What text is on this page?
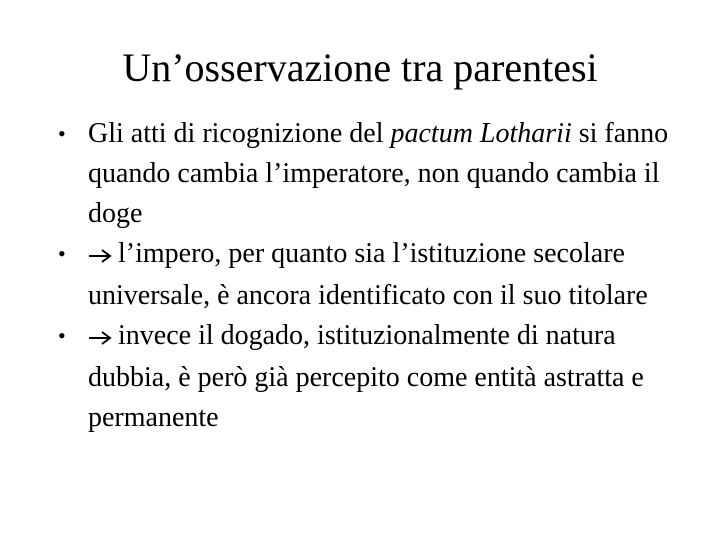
Un’osservazione tra parentesi
• Gli atti di ricognizione del pactum Lotharii si fanno quando cambia l’imperatore, non quando cambia il doge
• l’impero, per quanto sia l’istituzione secolare universale, è ancora identificato con il suo titolare
• invece il dogado, istituzionalmente di natura dubbia, è però già percepito come entità astratta e permanente
